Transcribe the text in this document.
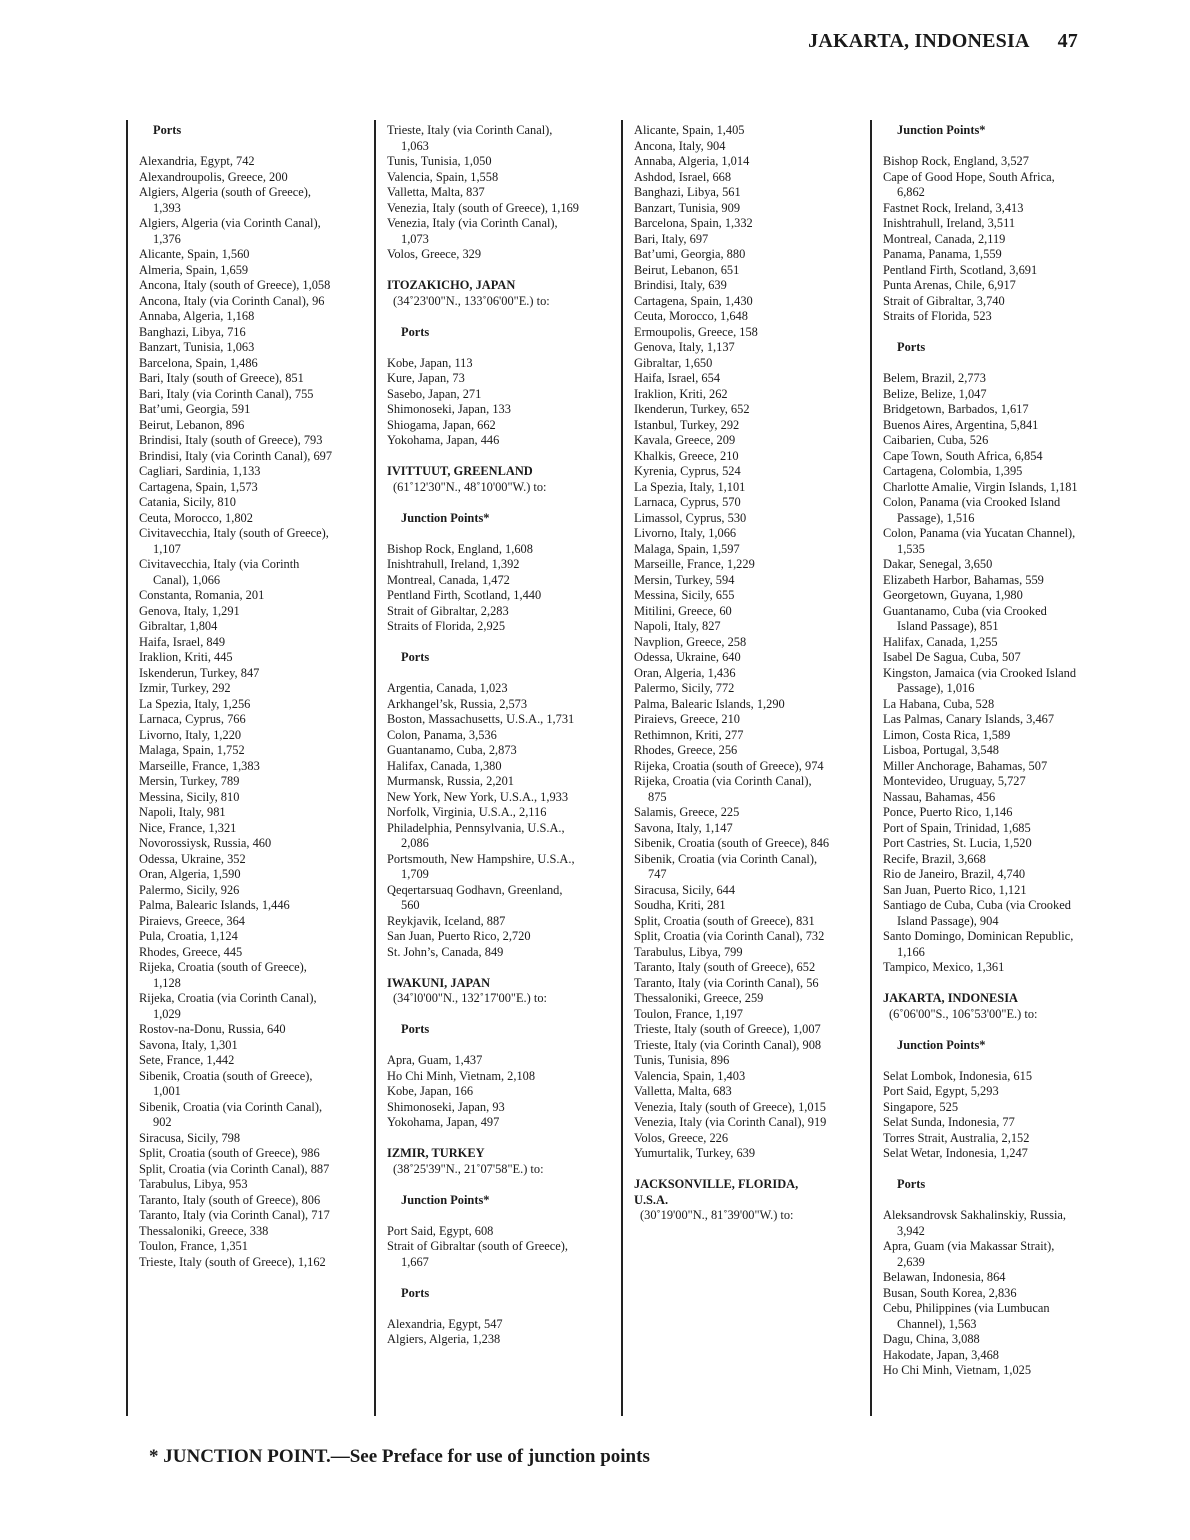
JAKARTA, INDONESIA 47
Ports
Alexandria, Egypt, 742
Alexandroupolis, Greece, 200
Algiers, Algeria (south of Greece), 1,393
Algiers, Algeria (via Corinth Canal), 1,376
Alicante, Spain, 1,560
Almeria, Spain, 1,659
Ancona, Italy (south of Greece), 1,058
Ancona, Italy (via Corinth Canal), 96
Annaba, Algeria, 1,168
Banghazi, Libya, 716
Banzart, Tunisia, 1,063
Barcelona, Spain, 1,486
Bari, Italy (south of Greece), 851
Bari, Italy (via Corinth Canal), 755
Bat’umi, Georgia, 591
Beirut, Lebanon, 896
Brindisi, Italy (south of Greece), 793
Brindisi, Italy (via Corinth Canal), 697
Cagliari, Sardinia, 1,133
Cartagena, Spain, 1,573
Catania, Sicily, 810
Ceuta, Morocco, 1,802
Civitavecchia, Italy (south of Greece), 1,107
Civitavecchia, Italy (via Corinth Canal), 1,066
Constanta, Romania, 201
Genova, Italy, 1,291
Gibraltar, 1,804
Haifa, Israel, 849
Iraklion, Kriti, 445
Iskenderun, Turkey, 847
Izmir, Turkey, 292
La Spezia, Italy, 1,256
Larnaca, Cyprus, 766
Livorno, Italy, 1,220
Malaga, Spain, 1,752
Marseille, France, 1,383
Mersin, Turkey, 789
Messina, Sicily, 810
Napoli, Italy, 981
Nice, France, 1,321
Novorossiysk, Russia, 460
Odessa, Ukraine, 352
Oran, Algeria, 1,590
Palermo, Sicily, 926
Palma, Balearic Islands, 1,446
Piraievs, Greece, 364
Pula, Croatia, 1,124
Rhodes, Greece, 445
Rijeka, Croatia (south of Greece), 1,128
Rijeka, Croatia (via Corinth Canal), 1,029
Rostov-na-Donu, Russia, 640
Savona, Italy, 1,301
Sete, France, 1,442
Sibenik, Croatia (south of Greece), 1,001
Sibenik, Croatia (via Corinth Canal), 902
Siracusa, Sicily, 798
Split, Croatia (south of Greece), 986
Split, Croatia (via Corinth Canal), 887
Tarabulus, Libya, 953
Taranto, Italy (south of Greece), 806
Taranto, Italy (via Corinth Canal), 717
Thessaloniki, Greece, 338
Toulon, France, 1,351
Trieste, Italy (south of Greece), 1,162
Trieste, Italy (via Corinth Canal), 1,063
Tunis, Tunisia, 1,050
Valencia, Spain, 1,558
Valletta, Malta, 837
Venezia, Italy (south of Greece), 1,169
Venezia, Italy (via Corinth Canal), 1,073
Volos, Greece, 329
ITOZAKICHO, JAPAN
(34˚23'00"N., 133˚06'00"E.) to:
Ports
Kobe, Japan, 113
Kure, Japan, 73
Sasebo, Japan, 271
Shimonoseki, Japan, 133
Shiogama, Japan, 662
Yokohama, Japan, 446
IVITTUUT, GREENLAND
(61˚12'30"N., 48˚10'00"W.) to:
Junction Points*
Bishop Rock, England, 1,608
Inishtrahull, Ireland, 1,392
Montreal, Canada, 1,472
Pentland Firth, Scotland, 1,440
Strait of Gibraltar, 2,283
Straits of Florida, 2,925
Ports
Argentia, Canada, 1,023
Arkhangel’sk, Russia, 2,573
Boston, Massachusetts, U.S.A., 1,731
Colon, Panama, 3,536
Guantanamo, Cuba, 2,873
Halifax, Canada, 1,380
Murmansk, Russia, 2,201
New York, New York, U.S.A., 1,933
Norfolk, Virginia, U.S.A., 2,116
Philadelphia, Pennsylvania, U.S.A., 2,086
Portsmouth, New Hampshire, U.S.A., 1,709
Qeqertarsuaq Godhavn, Greenland, 560
Reykjavik, Iceland, 887
San Juan, Puerto Rico, 2,720
St. John’s, Canada, 849
IWAKUNI, JAPAN
(34˚l0'00"N., 132˚17'00"E.) to:
Ports
Apra, Guam, 1,437
Ho Chi Minh, Vietnam, 2,108
Kobe, Japan, 166
Shimonoseki, Japan, 93
Yokohama, Japan, 497
IZMIR, TURKEY
(38˚25'39"N., 21˚07'58"E.) to:
Junction Points*
Port Said, Egypt, 608
Strait of Gibraltar (south of Greece), 1,667
Ports
Alexandria, Egypt, 547
Algiers, Algeria, 1,238
Alicante, Spain, 1,405
Ancona, Italy, 904
Annaba, Algeria, 1,014
Ashdod, Israel, 668
Banghazi, Libya, 561
Banzart, Tunisia, 909
Barcelona, Spain, 1,332
Bari, Italy, 697
Bat’umi, Georgia, 880
Beirut, Lebanon, 651
Brindisi, Italy, 639
Cartagena, Spain, 1,430
Ceuta, Morocco, 1,648
Ermoupolis, Greece, 158
Genova, Italy, 1,137
Gibraltar, 1,650
Haifa, Israel, 654
Iraklion, Kriti, 262
Ikenderun, Turkey, 652
Istanbul, Turkey, 292
Kavala, Greece, 209
Khalkis, Greece, 210
Kyrenia, Cyprus, 524
La Spezia, Italy, 1,101
Larnaca, Cyprus, 570
Limassol, Cyprus, 530
Livorno, Italy, 1,066
Malaga, Spain, 1,597
Marseille, France, 1,229
Mersin, Turkey, 594
Messina, Sicily, 655
Mitilini, Greece, 60
Napoli, Italy, 827
Navplion, Greece, 258
Odessa, Ukraine, 640
Oran, Algeria, 1,436
Palermo, Sicily, 772
Palma, Balearic Islands, 1,290
Piraievs, Greece, 210
Rethimnon, Kriti, 277
Rhodes, Greece, 256
Rijeka, Croatia (south of Greece), 974
Rijeka, Croatia (via Corinth Canal), 875
Salamis, Greece, 225
Savona, Italy, 1,147
Sibenik, Croatia (south of Greece), 846
Sibenik, Croatia (via Corinth Canal), 747
Siracusa, Sicily, 644
Soudha, Kriti, 281
Split, Croatia (south of Greece), 831
Split, Croatia (via Corinth Canal), 732
Tarabulus, Libya, 799
Taranto, Italy (south of Greece), 652
Taranto, Italy (via Corinth Canal), 56
Thessaloniki, Greece, 259
Toulon, France, 1,197
Trieste, Italy (south of Greece), 1,007
Trieste, Italy (via Corinth Canal), 908
Tunis, Tunisia, 896
Valencia, Spain, 1,403
Valletta, Malta, 683
Venezia, Italy (south of Greece), 1,015
Venezia, Italy (via Corinth Canal), 919
Volos, Greece, 226
Yumurtalik, Turkey, 639
JACKSONVILLE, FLORIDA, U.S.A.
(30˚19'00"N., 81˚39'00"W.) to:
Junction Points*
Bishop Rock, England, 3,527
Cape of Good Hope, South Africa, 6,862
Fastnet Rock, Ireland, 3,413
Inishtrahull, Ireland, 3,511
Montreal, Canada, 2,119
Panama, Panama, 1,559
Pentland Firth, Scotland, 3,691
Punta Arenas, Chile, 6,917
Strait of Gibraltar, 3,740
Straits of Florida, 523
Ports
Belem, Brazil, 2,773
Belize, Belize, 1,047
Bridgetown, Barbados, 1,617
Buenos Aires, Argentina, 5,841
Caibarien, Cuba, 526
Cape Town, South Africa, 6,854
Cartagena, Colombia, 1,395
Charlotte Amalie, Virgin Islands, 1,181
Colon, Panama (via Crooked Island Passage), 1,516
Colon, Panama (via Yucatan Channel), 1,535
Dakar, Senegal, 3,650
Elizabeth Harbor, Bahamas, 559
Georgetown, Guyana, 1,980
Guantanamo, Cuba (via Crooked Island Passage), 851
Halifax, Canada, 1,255
Isabel De Sagua, Cuba, 507
Kingston, Jamaica (via Crooked Island Passage), 1,016
La Habana, Cuba, 528
Las Palmas, Canary Islands, 3,467
Limon, Costa Rica, 1,589
Lisboa, Portugal, 3,548
Miller Anchorage, Bahamas, 507
Montevideo, Uruguay, 5,727
Nassau, Bahamas, 456
Ponce, Puerto Rico, 1,146
Port of Spain, Trinidad, 1,685
Port Castries, St. Lucia, 1,520
Recife, Brazil, 3,668
Rio de Janeiro, Brazil, 4,740
San Juan, Puerto Rico, 1,121
Santiago de Cuba, Cuba (via Crooked Island Passage), 904
Santo Domingo, Dominican Republic, 1,166
Tampico, Mexico, 1,361
JAKARTA, INDONESIA
(6˚06'00"S., 106˚53'00"E.) to:
Junction Points*
Selat Lombok, Indonesia, 615
Port Said, Egypt, 5,293
Singapore, 525
Selat Sunda, Indonesia, 77
Torres Strait, Australia, 2,152
Selat Wetar, Indonesia, 1,247
Ports
Aleksandrovsk Sakhalinskiy, Russia, 3,942
Apra, Guam (via Makassar Strait), 2,639
Belawan, Indonesia, 864
Busan, South Korea, 2,836
Cebu, Philippines (via Lumbucan Channel), 1,563
Dagu, China, 3,088
Hakodate, Japan, 3,468
Ho Chi Minh, Vietnam, 1,025
* JUNCTION POINT.—See Preface for use of junction points
